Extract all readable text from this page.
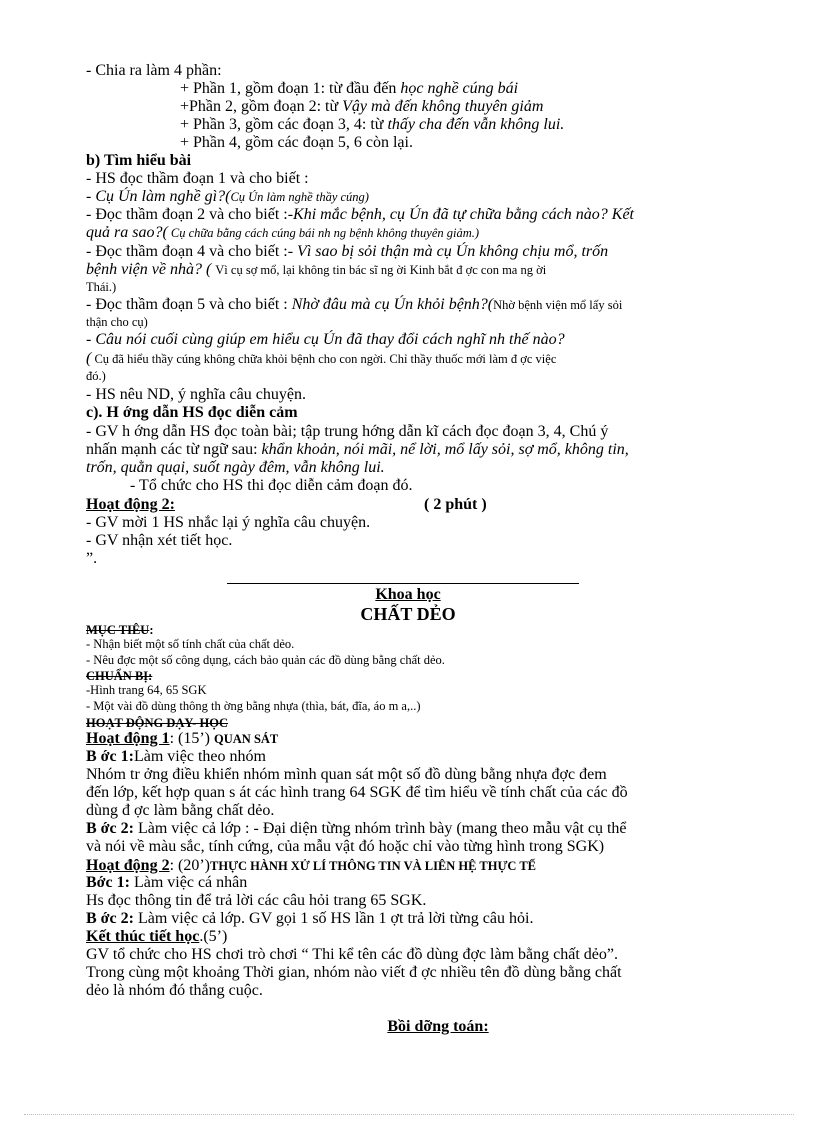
- Chia ra làm 4 phần:
+ Phần 1, gồm đoạn 1: từ đầu đến học nghề cúng bái
+Phần 2, gồm đoạn 2: từ Vậy mà đến không thuyên giảm
+ Phần 3, gồm các đoạn 3, 4: từ thấy cha đến vẫn không lui.
+ Phần 4, gồm các đoạn 5, 6 còn lại.
b) Tìm hiểu bài
- HS đọc thầm đoạn 1 và cho biết :
- Cụ Ún làm nghề gì?(Cụ Ún làm nghề thầy cúng)
- Đọc thầm đoạn 2 và cho biết :-Khi mắc bệnh, cụ Ún đã tự chữa bằng cách nào? Kết
quả ra sao?( Cụ chữa bằng cách cúng bái nh ng bệnh không thuyên giảm.)
- Đọc thầm đoạn 4 và cho biết :- Vì sao bị sỏi thận mà cụ Ún không chịu mổ, trốn
bệnh viện về nhà? ( Vì cụ sợ mổ, lại không tin bác sĩ ng ời Kinh bắt đ ợc con ma ng ời
Thái.)
- Đọc thầm đoạn 5 và cho biết : Nhờ đâu mà cụ Ún khỏi bệnh?(Nhờ bệnh viện mổ lấy sỏi
thận cho cụ)
- Câu nói cuối cùng giúp em hiểu cụ Ún đã thay đổi cách nghĩ nh thế nào?
( Cụ đã hiểu thầy cúng không chữa khỏi bệnh cho con ngời. Chỉ thầy thuốc mới làm đ ợc việc
đó.)
- HS nêu ND, ý nghĩa câu chuyện.
c). H ớng dẫn HS đọc diễn cảm
- GV h ớng dẫn HS đọc toàn bài; tập trung hớng dẫn kĩ cách đọc đoạn 3, 4, Chú ý
nhấn mạnh các từ ngữ sau: khẩn khoản, nói mãi, nể lời, mổ lấy sỏi, sợ mổ, không tin,
trốn, quằn quại, suốt ngày đêm, vẫn không lui.
- Tổ chức cho HS thi đọc diễn cảm đoạn đó.
Hoạt động 2:	( 2 phút )
- GV mời 1 HS nhắc lại ý nghĩa câu chuyện.
- GV nhận xét tiết học.
”.
Khoa học
CHẤT DẺO
MỤC TIÊU:
- Nhận biết một số tính chất của chất dẻo.
- Nêu đợc một số công dụng, cách bảo quản các đồ dùng bằng chất dẻo.
CHUẨN BỊ:
-Hình trang 64, 65 SGK
- Một vài đồ dùng thông th ờng bằng nhựa (thìa, bát, đĩa, áo m a,..)
HOẠT ĐỘNG DẠY- HỌC
Hoạt động 1: (15’) QUAN SÁT
B ớc 1:Làm việc theo nhóm
Nhóm tr ởng điều khiển nhóm mình quan sát một số đồ dùng bằng nhựa đợc đem
đến lớp, kết hợp quan s át các hình trang 64 SGK để tìm hiểu về tính chất của các đồ
dùng đ ợc làm bằng chất dẻo.
B ớc 2: Làm việc cả lớp : - Đại diện từng nhóm trình bày (mang theo mẫu vật cụ thể
và nói về màu sắc, tính cứng, của mẫu vật đó hoặc chỉ vào từng hình trong SGK)
Hoạt động 2: (20’)THỰC HÀNH XỬ LÍ THÔNG TIN VÀ LIÊN HỆ THỰC TẾ
Bớc 1: Làm việc cá nhân
Hs đọc thông tin để trả lời các câu hỏi trang 65 SGK.
B ớc 2: Làm việc cả lớp. GV gọi 1 số HS lần 1 ợt trả lời từng câu hỏi.
Kết thúc tiết học.(5’)
GV tổ chức cho HS chơi trò chơi “ Thi kể tên các đồ dùng đợc làm bằng chất dẻo”.
Trong cùng một khoảng Thời gian, nhóm nào viết đ ợc nhiều tên đồ dùng bằng chất
dẻo là nhóm đó thắng cuộc.
Bồi dỡng toán:
